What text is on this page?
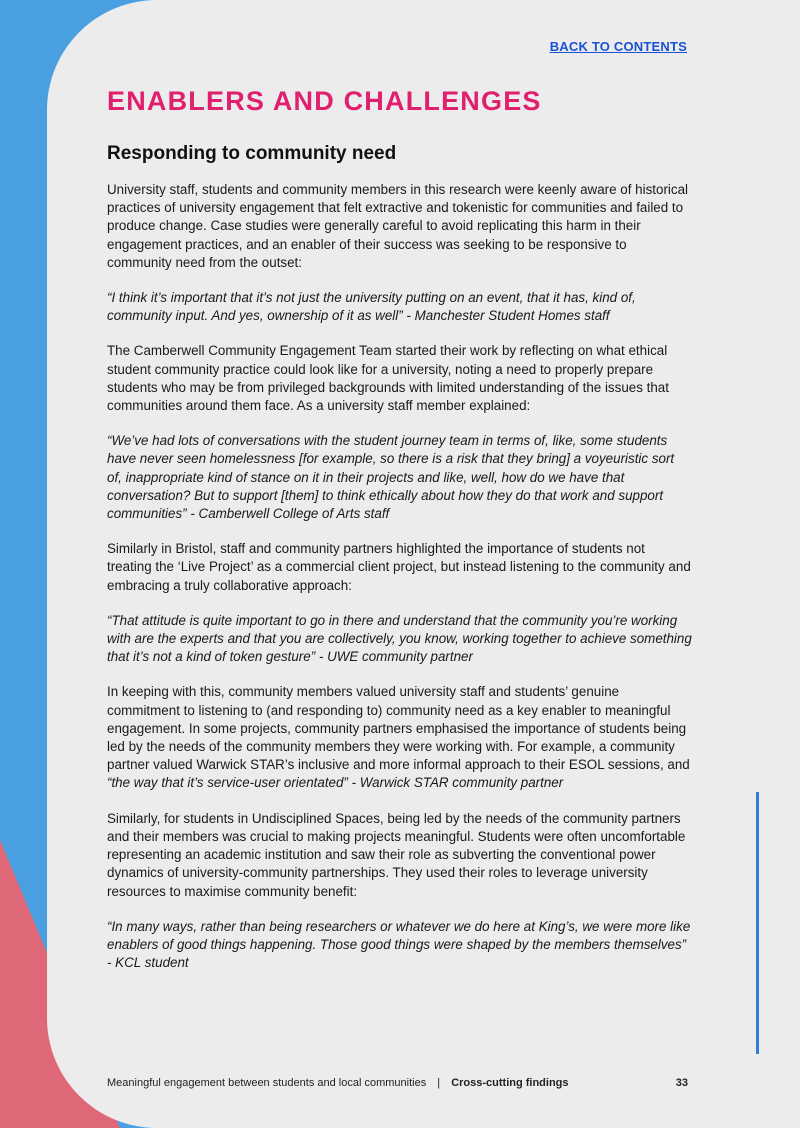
BACK TO CONTENTS
ENABLERS AND CHALLENGES
Responding to community need

University staff, students and community members in this research were keenly aware of historical practices of university engagement that felt extractive and tokenistic for communities and failed to produce change. Case studies were generally careful to avoid replicating this harm in their engagement practices, and an enabler of their success was seeking to be responsive to community need from the outset:

“I think it’s important that it’s not just the university putting on an event, that it has, kind of, community input. And yes, ownership of it as well” - Manchester Student Homes staff

The Camberwell Community Engagement Team started their work by reflecting on what ethical student community practice could look like for a university, noting a need to properly prepare students who may be from privileged backgrounds with limited understanding of the issues that communities around them face. As a university staff member explained:

“We’ve had lots of conversations with the student journey team in terms of, like, some students have never seen homelessness [for example, so there is a risk that they bring] a voyeuristic sort of, inappropriate kind of stance on it in their projects and like, well, how do we have that conversation? But to support [them] to think ethically about how they do that work and support communities” - Camberwell College of Arts staff

Similarly in Bristol, staff and community partners highlighted the importance of students not treating the ‘Live Project’ as a commercial client project, but instead listening to the community and embracing a truly collaborative approach:

“That attitude is quite important to go in there and understand that the community you’re working with are the experts and that you are collectively, you know, working together to achieve something that it’s not a kind of token gesture” - UWE community partner

In keeping with this, community members valued university staff and students’ genuine commitment to listening to (and responding to) community need as a key enabler to meaningful engagement. In some projects, community partners emphasised the importance of students being led by the needs of the community members they were working with. For example, a community partner valued Warwick STAR’s inclusive and more informal approach to their ESOL sessions, and “the way that it’s service-user orientated” - Warwick STAR community partner

Similarly, for students in Undisciplined Spaces, being led by the needs of the community partners and their members was crucial to making projects meaningful. Students were often uncomfortable representing an academic institution and saw their role as subverting the conventional power dynamics of university-community partnerships. They used their roles to leverage university resources to maximise community benefit:

“In many ways, rather than being researchers or whatever we do here at King’s, we were more like enablers of good things happening. Those good things were shaped by the members themselves” - KCL student

Meaningful engagement between students and local communities | Cross-cutting findings	33
